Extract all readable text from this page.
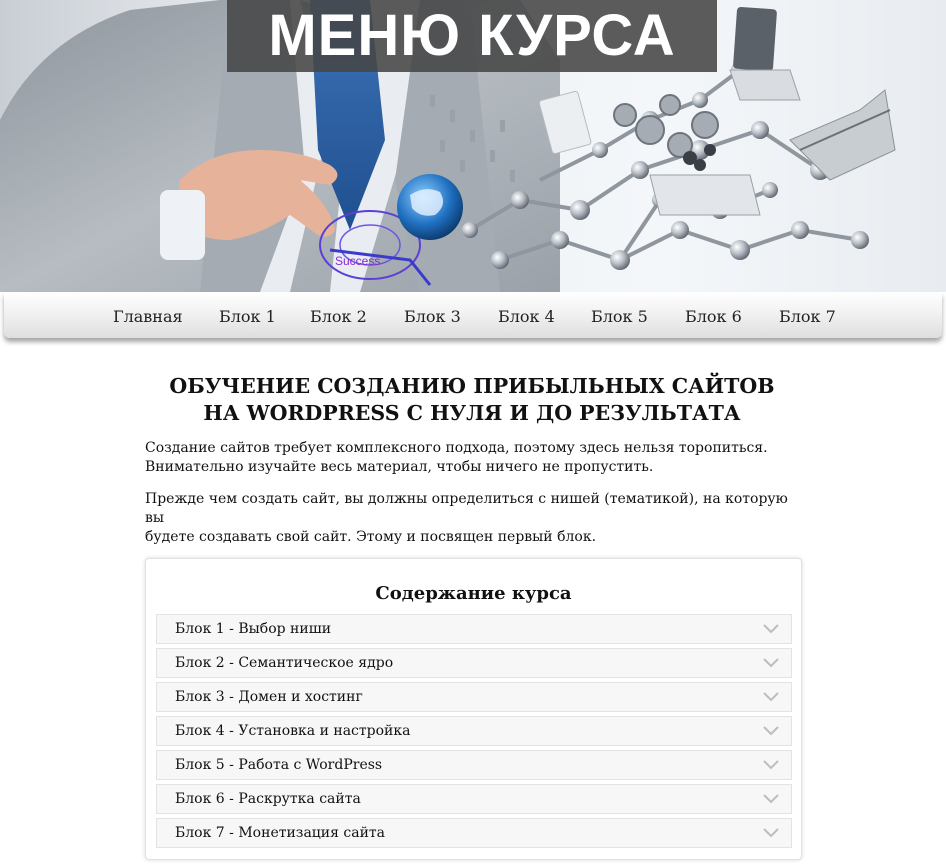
Success
МЕНЮ КУРСА
Главная Блок 1 Блок 2 Блок 3 Блок 4 Блок 5 Блок 6 Блок 7
ОБУЧЕНИЕ СОЗДАНИЮ ПРИБЫЛЬНЫХ САЙТОВ
НА WORDPRESS С НУЛЯ И ДО РЕЗУЛЬТАТА
Создание сайтов требует комплексного подхода, поэтому здесь нельзя торопиться.
Внимательно изучайте весь материал, чтобы ничего не пропустить.
Прежде чем создать сайт, вы должны определиться с нишей (тематикой), на которую вы
будете создавать свой сайт. Этому и посвящен первый блок.
Содержание курса
Блок 1 - Выбор ниши
Блок 2 - Семантическое ядро
Блок 3 - Домен и хостинг
Блок 4 - Установка и настройка
Блок 5 - Работа с WordPress
Блок 6 - Раскрутка сайта
Блок 7 - Монетизация сайта
